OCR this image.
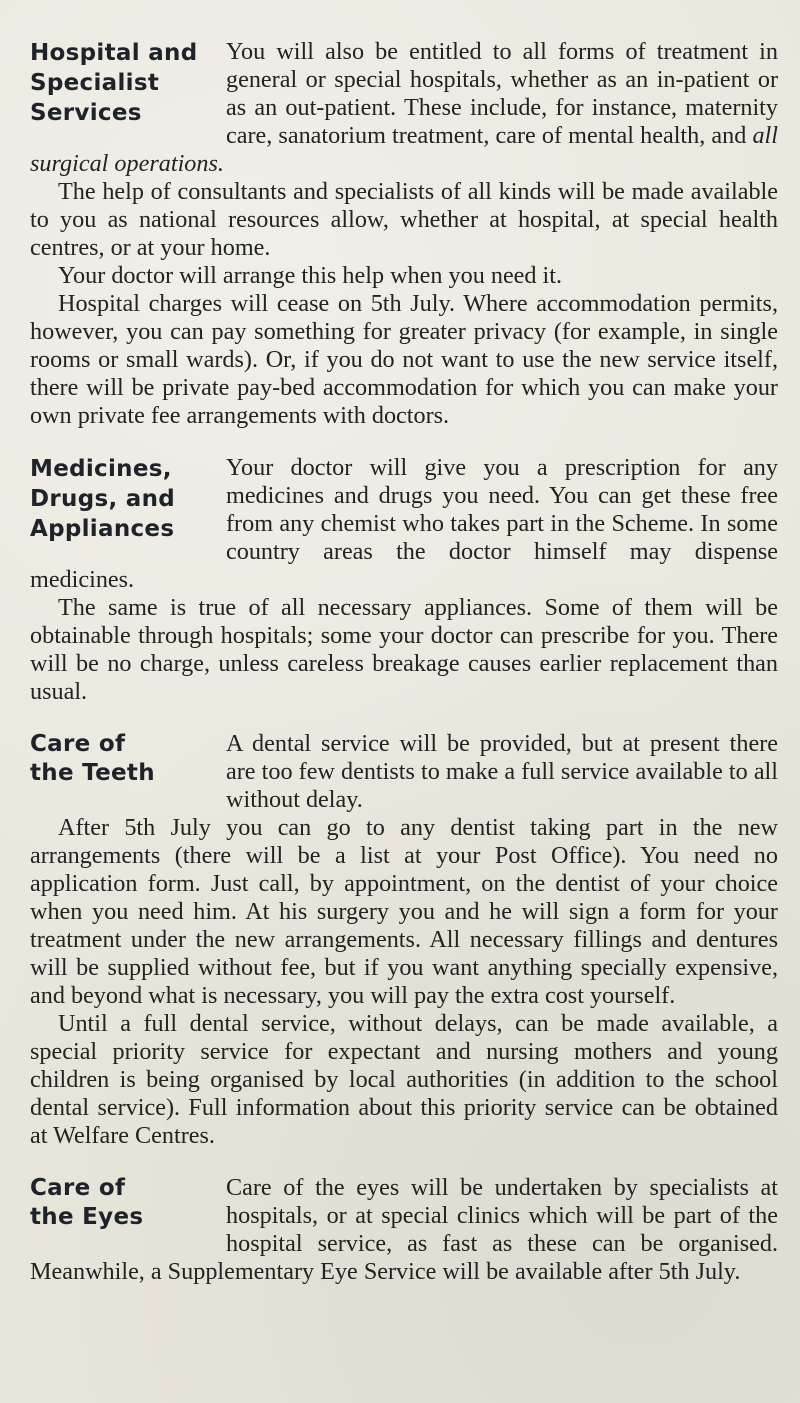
Hospital and
Specialist
Services

You will also be entitled to all forms of treatment in general or special hospitals, whether as an in-patient or as an out-patient. These include, for instance, maternity care, sanatorium treatment, care of mental health, and all surgical operations.

The help of consultants and specialists of all kinds will be made available to you as national resources allow, whether at hospital, at special health centres, or at your home.

Your doctor will arrange this help when you need it.

Hospital charges will cease on 5th July. Where accommodation permits, however, you can pay something for greater privacy (for example, in single rooms or small wards). Or, if you do not want to use the new service itself, there will be private pay-bed accommodation for which you can make your own private fee arrangements with doctors.

Medicines,
Drugs, and
Appliances

Your doctor will give you a prescription for any medicines and drugs you need. You can get these free from any chemist who takes part in the Scheme. In some country areas the doctor himself may dispense medicines.

The same is true of all necessary appliances. Some of them will be obtainable through hospitals; some your doctor can prescribe for you. There will be no charge, unless careless breakage causes earlier replacement than usual.

Care of
the Teeth

A dental service will be provided, but at present there are too few dentists to make a full service available to all without delay.

After 5th July you can go to any dentist taking part in the new arrangements (there will be a list at your Post Office). You need no application form. Just call, by appointment, on the dentist of your choice when you need him. At his surgery you and he will sign a form for your treatment under the new arrangements. All necessary fillings and dentures will be supplied without fee, but if you want anything specially expensive, and beyond what is necessary, you will pay the extra cost yourself.

Until a full dental service, without delays, can be made available, a special priority service for expectant and nursing mothers and young children is being organised by local authorities (in addition to the school dental service). Full information about this priority service can be obtained at Welfare Centres.

Care of
the Eyes

Care of the eyes will be undertaken by specialists at hospitals, or at special clinics which will be part of the hospital service, as fast as these can be organised. Meanwhile, a Supplementary Eye Service will be available after 5th July.
